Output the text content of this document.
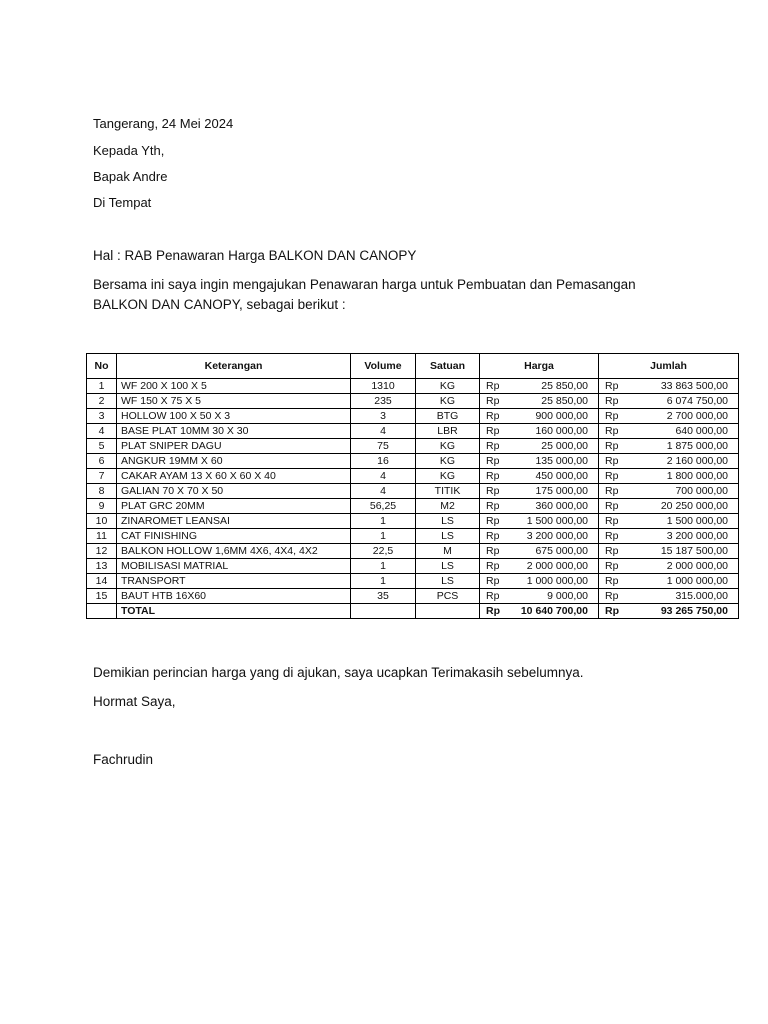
Tangerang, 24 Mei 2024
Kepada Yth,
Bapak Andre
Di Tempat
Hal : RAB Penawaran Harga BALKON DAN CANOPY
Bersama ini saya ingin mengajukan Penawaran harga untuk Pembuatan dan Pemasangan
BALKON DAN CANOPY, sebagai berikut :
No	Keterangan	Volume	Satuan	Harga	Jumlah
1	WF 200 X 100 X 5	1310	KG	Rp 25 850,00	Rp 33 863 500,00

2	WF 150 X 75 X 5	235	KG	Rp 25 850,00	Rp 6 074 750,00

3	HOLLOW 100 X 50 X 3	3	BTG	Rp 900 000,00	Rp 2 700 000,00

4	BASE PLAT 10MM 30 X 30	4	LBR	Rp 160 000,00	Rp 640 000,00

5	PLAT SNIPER DAGU	75	KG	Rp 25 000,00	Rp 1 875 000,00

6	ANGKUR 19MM X 60	16	KG	Rp 135 000,00	Rp 2 160 000,00

7	CAKAR AYAM 13 X 60 X 60 X 40	4	KG	Rp 450 000,00	Rp 1 800 000,00

8	GALIAN 70 X 70 X 50	4	TITIK	Rp 175 000,00	Rp 700 000,00

9	PLAT GRC 20MM	56,25	M2	Rp 360 000,00	Rp 20 250 000,00

10	ZINAROMET LEANSAI	1	LS	Rp 1 500 000,00	Rp 1 500 000,00

11	CAT FINISHING	1	LS	Rp 3 200 000,00	Rp 3 200 000,00

12	BALKON HOLLOW 1,6MM 4X6, 4X4, 4X2	22,5	M	Rp 675 000,00	Rp 15 187 500,00

13	MOBILISASI MATRIAL	1	LS	Rp 2 000 000,00	Rp 2 000 000,00

14	TRANSPORT	1	LS	Rp 1 000 000,00	Rp 1 000 000,00

15	BAUT HTB 16X60	35	PCS	Rp 9 000,00	Rp 315.000,00

	TOTAL			Rp 10 640 700,00	Rp 93 265 750,00
Demikian perincian harga yang di ajukan, saya ucapkan Terimakasih sebelumnya.
Hormat Saya,
Fachrudin
